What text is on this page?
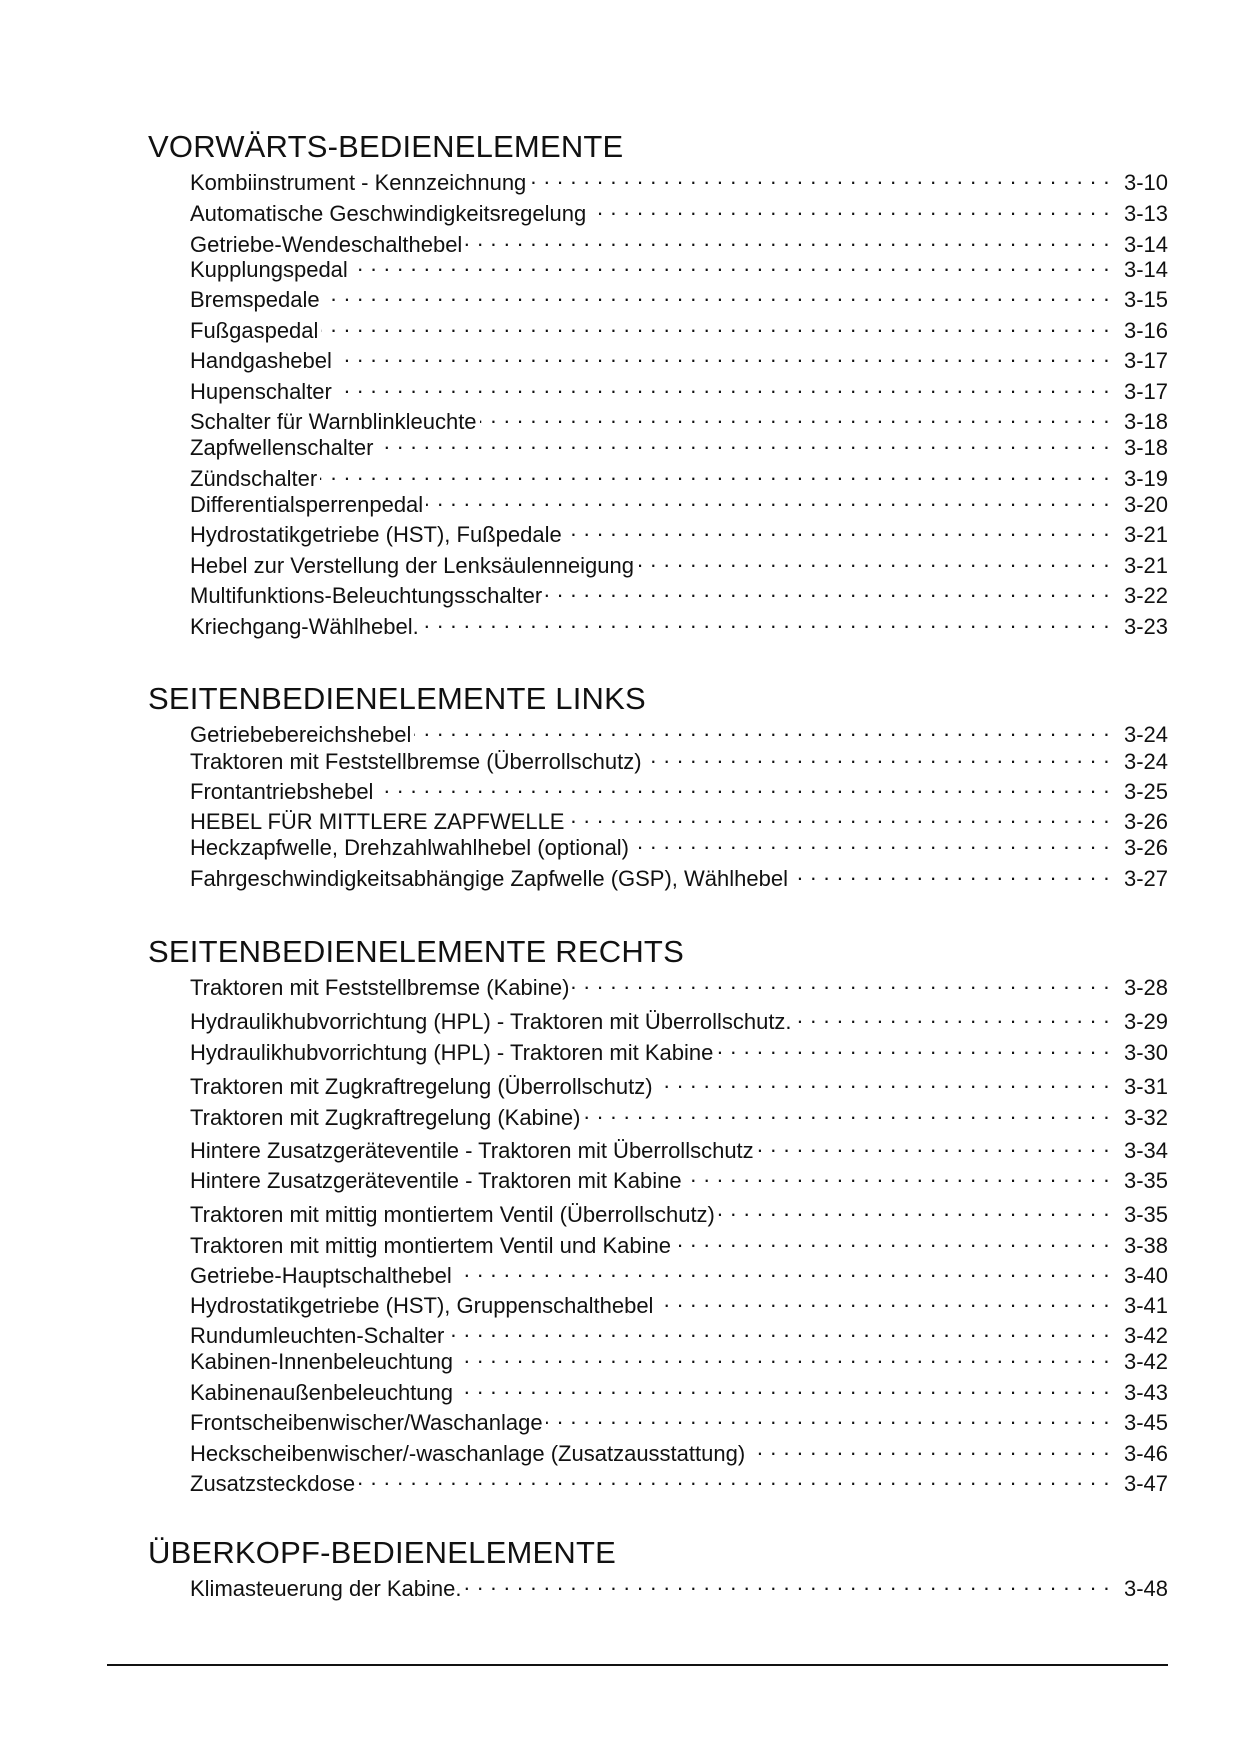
VORWÄRTS-BEDIENELEMENTE
Kombiinstrument - Kennzeichnung . . .	3-10
Automatische Geschwindigkeitsregelung . . .	3-13
Getriebe-Wendeschalthebel . . .	3-14
Kupplungspedal . . .	3-14
Bremspedale . . .	3-15
Fußgaspedal . . .	3-16
Handgashebel . . .	3-17
Hupenschalter . . .	3-17
Schalter für Warnblinkleuchte . . .	3-18
Zapfwellenschalter . . .	3-18
Zündschalter . . .	3-19
Differentialsperrenpedal . . .	3-20
Hydrostatikgetriebe (HST), Fußpedale . . .	3-21
Hebel zur Verstellung der Lenksäulenneigung . . .	3-21
Multifunktions-Beleuchtungsschalter . . .	3-22
Kriechgang-Wählhebel. . . .	3-23
SEITENBEDIENELEMENTE LINKS
Getriebebereichshebel . . .	3-24
Traktoren mit Feststellbremse (Überrollschutz) . . .	3-24
Frontantriebshebel . . .	3-25
HEBEL FÜR MITTLERE ZAPFWELLE . . .	3-26
Heckzapfwelle, Drehzahlwahlhebel (optional) . . .	3-26
Fahrgeschwindigkeitsabhängige Zapfwelle (GSP), Wählhebel . . .	3-27
SEITENBEDIENELEMENTE RECHTS
Traktoren mit Feststellbremse (Kabine) . . .	3-28
Hydraulikhubvorrichtung (HPL) - Traktoren mit Überrollschutz. . . .	3-29
Hydraulikhubvorrichtung (HPL) - Traktoren mit Kabine . . .	3-30
Traktoren mit Zugkraftregelung (Überrollschutz) . . .	3-31
Traktoren mit Zugkraftregelung (Kabine) . . .	3-32
Hintere Zusatzgeräteventile - Traktoren mit Überrollschutz . . .	3-34
Hintere Zusatzgeräteventile - Traktoren mit Kabine . . .	3-35
Traktoren mit mittig montiertem Ventil (Überrollschutz) . . .	3-35
Traktoren mit mittig montiertem Ventil und Kabine . . .	3-38
Getriebe-Hauptschalthebel . . .	3-40
Hydrostatikgetriebe (HST), Gruppenschalthebel . . .	3-41
Rundumleuchten-Schalter . . .	3-42
Kabinen-Innenbeleuchtung . . .	3-42
Kabinenaußenbeleuchtung . . .	3-43
Frontscheibenwischer/Waschanlage . . .	3-45
Heckscheibenwischer/-waschanlage (Zusatzausstattung) . . .	3-46
Zusatzsteckdose . . .	3-47
ÜBERKOPF-BEDIENELEMENTE
Klimasteuerung der Kabine. . . .	3-48
